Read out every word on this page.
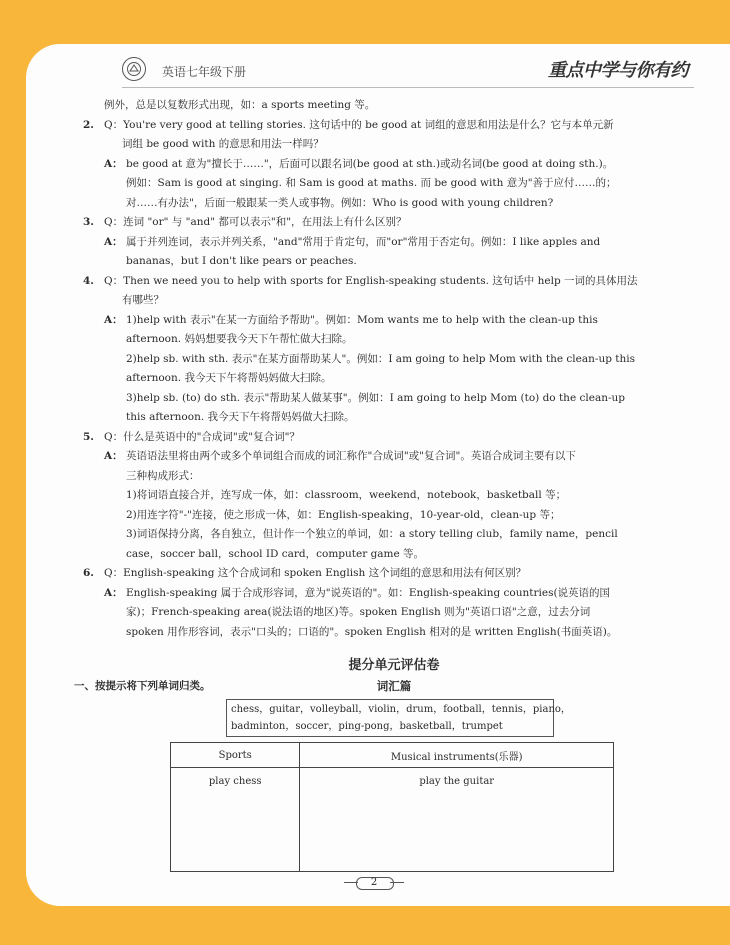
英语七年级下册	重点中学与你有约
例外，总是以复数形式出现，如：a sports meeting 等。
2. Q：You're very good at telling stories. 这句话中的 be good at 词组的意思和用法是什么？它与本单元新
词组 be good with 的意思和用法一样吗？
A： be good at 意为"擅长于……"，后面可以跟名词(be good at sth.)或动名词(be good at doing sth.)。
例如：Sam is good at singing. 和 Sam is good at maths. 而 be good with 意为"善于应付……的；
对……有办法"，后面一般跟某一类人或事物。例如：Who is good with young children?
3. Q：连词 "or" 与 "and" 都可以表示"和"，在用法上有什么区别？
A： 属于并列连词，表示并列关系，"and"常用于肯定句，而"or"常用于否定句。例如：I like apples and
bananas，but I don't like pears or peaches.
4. Q：Then we need you to help with sports for English-speaking students. 这句话中 help 一词的具体用法
有哪些？
A： 1)help with 表示"在某一方面给予帮助"。例如：Mom wants me to help with the clean-up this
afternoon. 妈妈想要我今天下午帮忙做大扫除。
2)help sb. with sth. 表示"在某方面帮助某人"。例如：I am going to help Mom with the clean-up this
afternoon. 我今天下午将帮妈妈做大扫除。
3)help sb. (to) do sth. 表示"帮助某人做某事"。例如：I am going to help Mom (to) do the clean-up
this afternoon. 我今天下午将帮妈妈做大扫除。
5. Q：什么是英语中的"合成词"或"复合词"？
A： 英语语法里将由两个或多个单词组合而成的词汇称作"合成词"或"复合词"。英语合成词主要有以下
三种构成形式：
1)将词语直接合并，连写成一体，如：classroom，weekend，notebook，basketball 等；
2)用连字符"-"连接，使之形成一体，如：English-speaking，10-year-old，clean-up 等；
3)词语保持分离，各自独立，但计作一个独立的单词，如：a story telling club，family name，pencil
case，soccer ball，school ID card，computer game 等。
6. Q：English-speaking 这个合成词和 spoken English 这个词组的意思和用法有何区别？
A： English-speaking 属于合成形容词，意为"说英语的"。如：English-speaking countries(说英语的国
家)；French-speaking area(说法语的地区)等。spoken English 则为"英语口语"之意，过去分词
spoken 用作形容词，表示"口头的；口语的"。spoken English 相对的是 written English(书面英语)。
提分单元评估卷
词汇篇
一、按提示将下列单词归类。
chess，guitar，volleyball，violin，drum，football，tennis，piano，
badminton，soccer，ping-pong，basketball，trumpet
Sports	Musical instruments(乐器)
play chess	play the guitar
2
